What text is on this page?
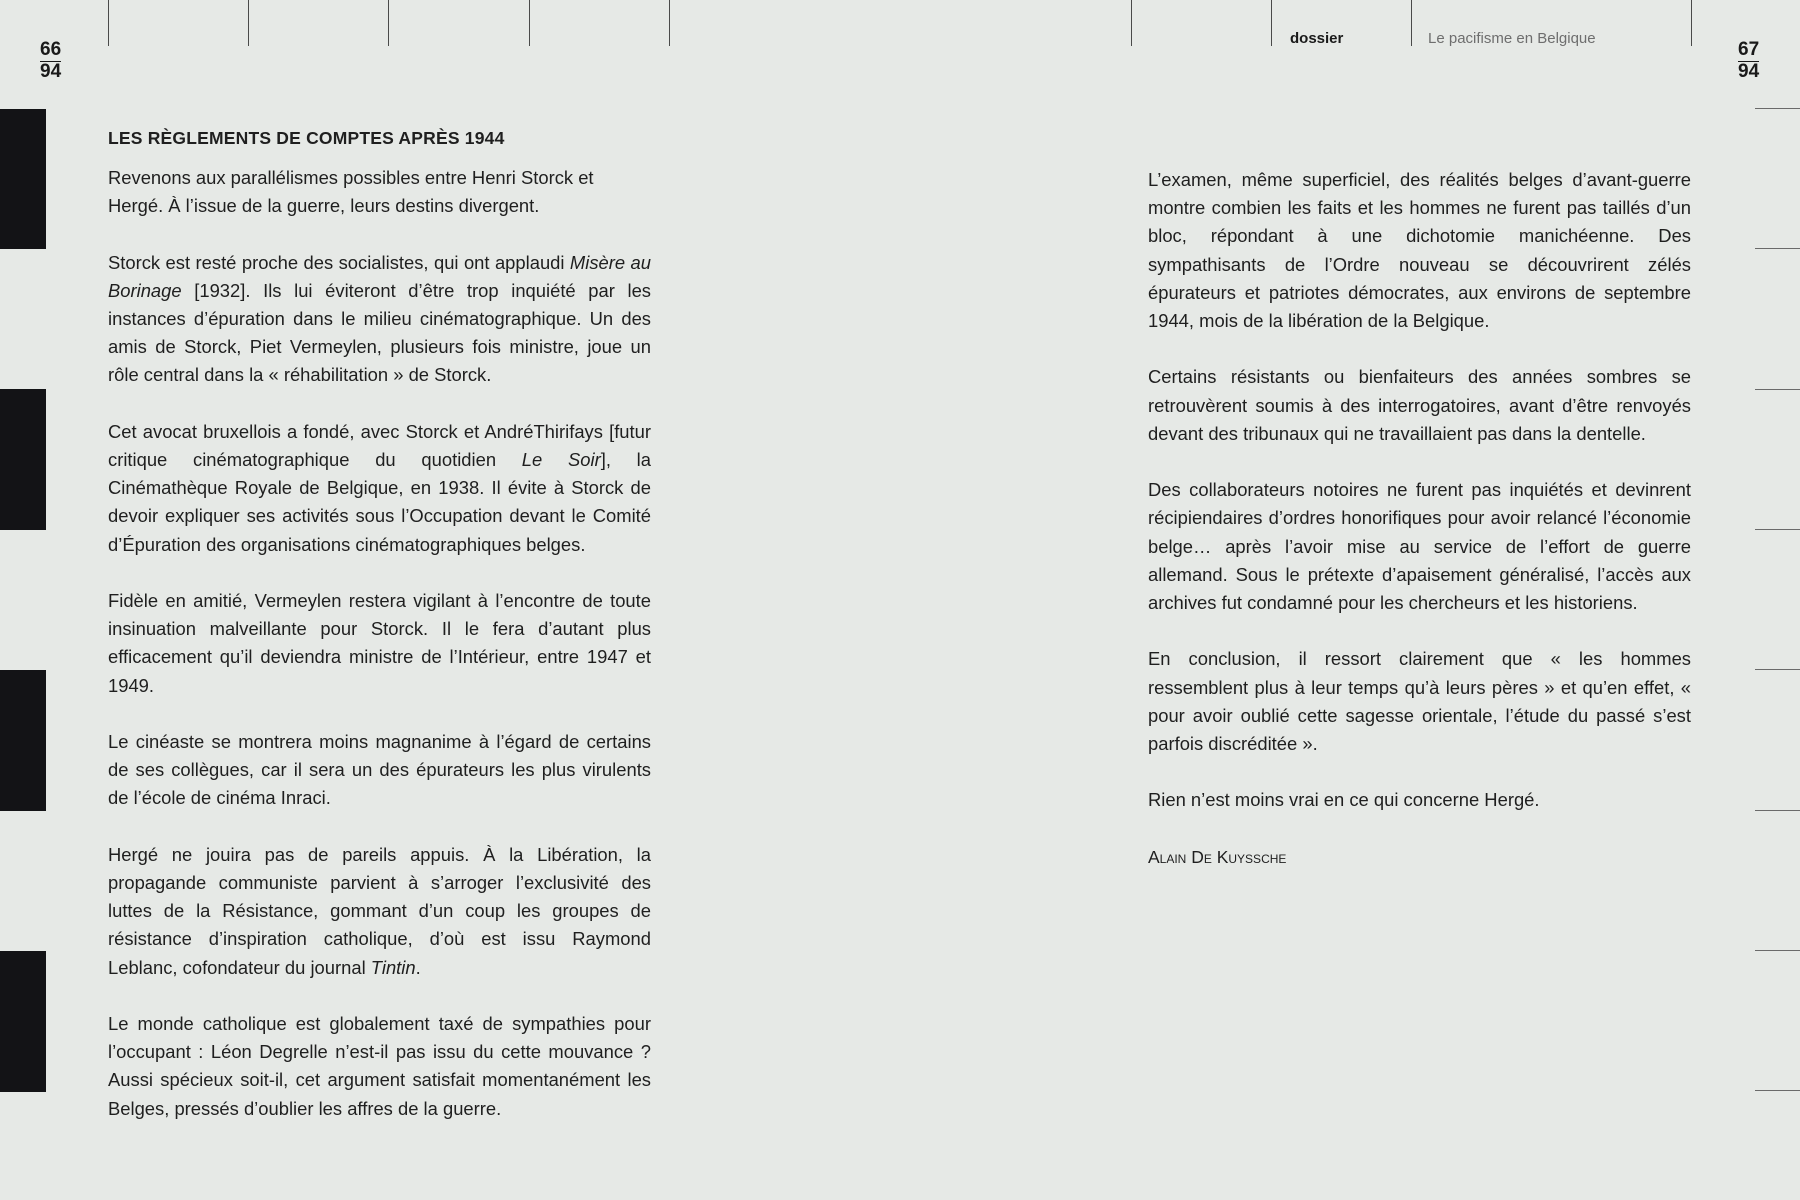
66
94
67
94
dossier	Le pacifisme en Belgique
LES RÈGLEMENTS DE COMPTES APRÈS 1944

Revenons aux parallélismes possibles entre Henri Storck et Hergé. À l’issue de la guerre, leurs destins divergent.

Storck est resté proche des socialistes, qui ont applaudi Misère au Borinage [1932]. Ils lui éviteront d’être trop inquiété par les instances d’épuration dans le milieu cinématographique. Un des amis de Storck, Piet Vermeylen, plusieurs fois ministre, joue un rôle central dans la « réhabilitation » de Storck.

Cet avocat bruxellois a fondé, avec Storck et AndréThirifays [futur critique cinématographique du quotidien Le Soir], la Cinémathèque Royale de Belgique, en 1938. Il évite à Storck de devoir expliquer ses activités sous l’Occupation devant le Comité d’Épuration des organisations cinématographiques belges.

Fidèle en amitié, Vermeylen restera vigilant à l’encontre de toute insinuation malveillante pour Storck. Il le fera d’autant plus efficacement qu’il deviendra ministre de l’Intérieur, entre 1947 et 1949.

Le cinéaste se montrera moins magnanime à l’égard de certains de ses collègues, car il sera un des épurateurs les plus virulents de l’école de cinéma Inraci.

Hergé ne jouira pas de pareils appuis. À la Libération, la propagande communiste parvient à s’arroger l’exclusivité des luttes de la Résistance, gommant d’un coup les groupes de résistance d’inspiration catholique, d’où est issu Raymond Leblanc, cofondateur du journal Tintin.

Le monde catholique est globalement taxé de sympathies pour l’occupant : Léon Degrelle n’est-il pas issu du cette mouvance ? Aussi spécieux soit-il, cet argument satisfait momentanément les Belges, pressés d’oublier les affres de la guerre.

L’examen, même superficiel, des réalités belges d’avant-guerre montre combien les faits et les hommes ne furent pas taillés d’un bloc, répondant à une dichotomie manichéenne. Des sympathisants de l’Ordre nouveau se découvrirent zélés épurateurs et patriotes démocrates, aux environs de septembre 1944, mois de la libération de la Belgique.

Certains résistants ou bienfaiteurs des années sombres se retrouvèrent soumis à des interrogatoires, avant d’être renvoyés devant des tribunaux qui ne travaillaient pas dans la dentelle.

Des collaborateurs notoires ne furent pas inquiétés et devinrent récipiendaires d’ordres honorifiques pour avoir relancé l’économie belge… après l’avoir mise au service de l’effort de guerre allemand. Sous le prétexte d’apaisement généralisé, l’accès aux archives fut condamné pour les chercheurs et les historiens.

En conclusion, il ressort clairement que « les hommes ressemblent plus à leur temps qu’à leurs pères » et qu’en effet, « pour avoir oublié cette sagesse orientale, l’étude du passé s’est parfois discréditée ».

Rien n’est moins vrai en ce qui concerne Hergé.

Alain De Kuyssche
